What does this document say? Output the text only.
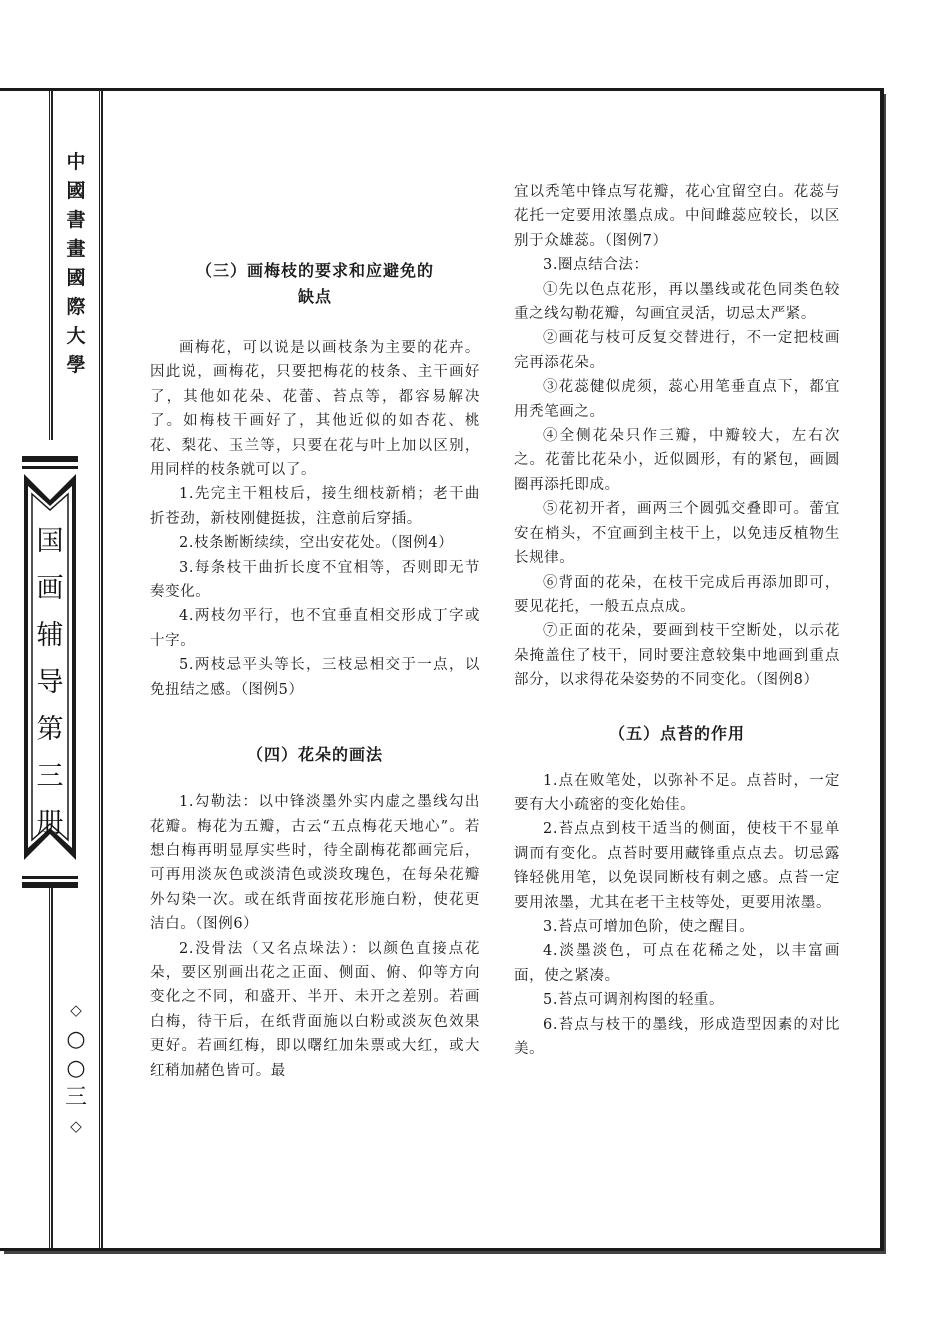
中
國
書
畫
國
際
大
學
国
画
辅
导
第
三
册
◇
○
○
三
◇
（三）画梅枝的要求和应避免的
缺点

画梅花，可以说是以画枝条为主要的花卉。因此说，画梅花，只要把梅花的枝条、主干画好了，其他如花朵、花蕾、苔点等，都容易解决了。如梅枝干画好了，其他近似的如杏花、桃花、梨花、玉兰等，只要在花与叶上加以区别，用同样的枝条就可以了。

1.先完主干粗枝后，接生细枝新梢；老干曲折苍劲，新枝刚健挺拔，注意前后穿插。

2.枝条断断续续，空出安花处。（图例4）

3.每条枝干曲折长度不宜相等，否则即无节奏变化。

4.两枝勿平行，也不宜垂直相交形成丁字或十字。

5.两枝忌平头等长，三枝忌相交于一点，以免扭结之感。（图例5）

（四）花朵的画法

1.勾勒法：以中锋淡墨外实内虚之墨线勾出花瓣。梅花为五瓣，古云“五点梅花天地心”。若想白梅再明显厚实些时，待全副梅花都画完后，可再用淡灰色或淡清色或淡玫瑰色，在每朵花瓣外勾染一次。或在纸背面按花形施白粉，使花更洁白。（图例6）

2.没骨法（又名点垛法）：以颜色直接点花朵，要区别画出花之正面、侧面、俯、仰等方向变化之不同，和盛开、半开、未开之差别。若画白梅，待干后，在纸背面施以白粉或淡灰色效果更好。若画红梅，即以曙红加朱票或大红，或大红稍加赭色皆可。最

宜以秃笔中锋点写花瓣，花心宜留空白。花蕊与花托一定要用浓墨点成。中间雌蕊应较长，以区别于众雄蕊。（图例7）

3.圈点结合法：

①先以色点花形，再以墨线或花色同类色较重之线勾勒花瓣，勾画宜灵活，切忌太严紧。

②画花与枝可反复交替进行，不一定把枝画完再添花朵。

③花蕊健似虎须，蕊心用笔垂直点下，都宜用秃笔画之。

④全侧花朵只作三瓣，中瓣较大，左右次之。花蕾比花朵小，近似圆形，有的紧包，画圆圈再添托即成。

⑤花初开者，画两三个圆弧交叠即可。蕾宜安在梢头，不宜画到主枝干上，以免违反植物生长规律。

⑥背面的花朵，在枝干完成后再添加即可，要见花托，一般五点点成。

⑦正面的花朵，要画到枝干空断处，以示花朵掩盖住了枝干，同时要注意较集中地画到重点部分，以求得花朵姿势的不同变化。（图例8）

（五）点苔的作用

1.点在败笔处，以弥补不足。点苔时，一定要有大小疏密的变化始佳。

2.苔点点到枝干适当的侧面，使枝干不显单调而有变化。点苔时要用藏锋重点点去。切忌露锋轻佻用笔，以免误同断枝有刺之感。点苔一定要用浓墨，尤其在老干主枝等处，更要用浓墨。

3.苔点可增加色阶，使之醒目。

4.淡墨淡色，可点在花稀之处，以丰富画面，使之紧凑。

5.苔点可调剂构图的轻重。

6.苔点与枝干的墨线，形成造型因素的对比美。
